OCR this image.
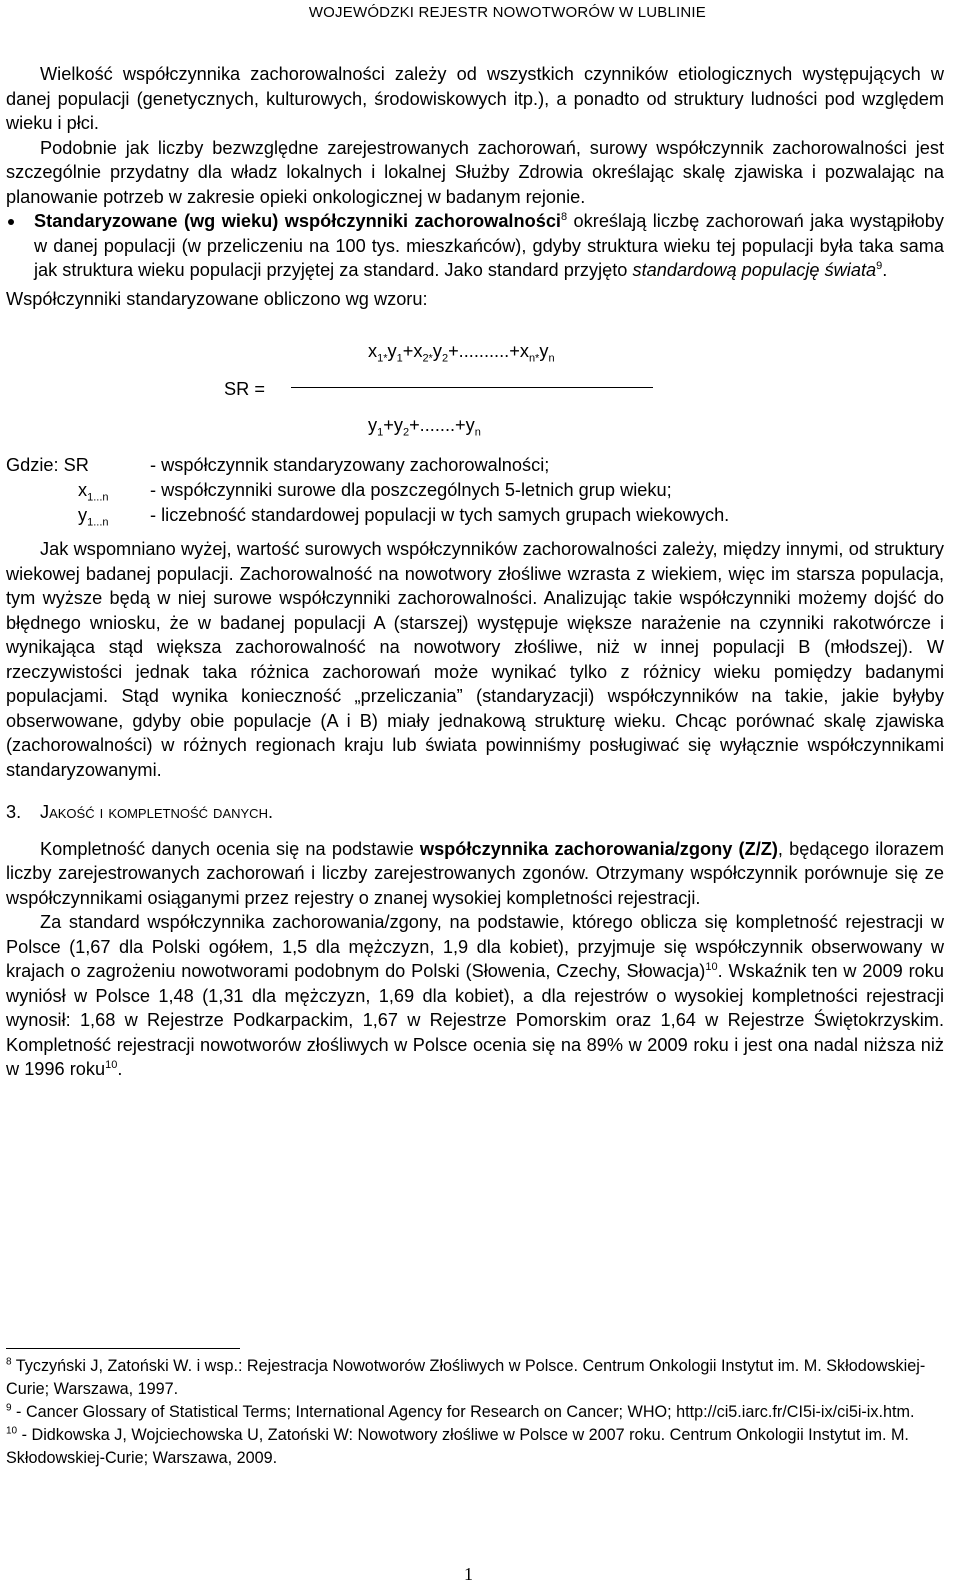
WOJEWÓDZKI REJESTR NOWOTWORÓW W LUBLINIE

Wielkość współczynnika zachorowalności zależy od wszystkich czynników etiologicznych występujących w danej populacji (genetycznych, kulturowych, środowiskowych itp.), a ponadto od struktury ludności pod względem wieku i płci.

Podobnie jak liczby bezwzględne zarejestrowanych zachorowań, surowy współczynnik zachorowalności jest szczególnie przydatny dla władz lokalnych i lokalnej Służby Zdrowia określając skalę zjawiska i pozwalając na planowanie potrzeb w zakresie opieki onkologicznej w badanym rejonie.

Standaryzowane (wg wieku) współczynniki zachorowalności$^8$ określają liczbę zachorowań jaka wystąpiłoby w danej populacji (w przeliczeniu na 100 tys. mieszkańców), gdyby struktura wieku tej populacji była taka sama jak struktura wieku populacji przyjętej za standard. Jako standard przyjęto standardową populację świata$^9$.

Współczynniki standaryzowane obliczono wg wzoru:

$x_{1*}y_1+x_{2*}y_2+..........+x_{n*}y_n$
SR =
$y_1+y_2+.......+y_n$
Gdzie: SR	- współczynnik standaryzowany zachorowalności;
$x_{1...n}$ - współczynniki surowe dla poszczególnych 5-letnich grup wieku;
$y_{1...n}$ - liczebność standardowej populacji w tych samych grupach wiekowych.

Jak wspomniano wyżej, wartość surowych współczynników zachorowalności zależy, między innymi, od struktury wiekowej badanej populacji. Zachorowalność na nowotwory złośliwe wzrasta z wiekiem, więc im starsza populacja, tym wyższe będą w niej surowe współczynniki zachorowalności. Analizując takie współczynniki możemy dojść do błędnego wniosku, że w badanej populacji A (starszej) występuje większe narażenie na czynniki rakotwórcze i wynikająca stąd większa zachorowalność na nowotwory złośliwe, niż w innej populacji B (młodszej). W rzeczywistości jednak taka różnica zachorowań może wynikać tylko z różnicy wieku pomiędzy badanymi populacjami. Stąd wynika konieczność „przeliczania” (standaryzacji) współczynników na takie, jakie byłyby obserwowane, gdyby obie populacje (A i B) miały jednakową strukturę wieku. Chcąc porównać skalę zjawiska (zachorowalności) w różnych regionach kraju lub świata powinniśmy posługiwać się wyłącznie współczynnikami standaryzowanymi.

3. Jakość i kompletność danych.

Kompletność danych ocenia się na podstawie współczynnika zachorowania/zgony (Z/Z), będącego ilorazem liczby zarejestrowanych zachorowań i liczby zarejestrowanych zgonów. Otrzymany współczynnik porównuje się ze współczynnikami osiąganymi przez rejestry o znanej wysokiej kompletności rejestracji.

Za standard współczynnika zachorowania/zgony, na podstawie, którego oblicza się kompletność rejestracji w Polsce (1,67 dla Polski ogółem, 1,5 dla mężczyzn, 1,9 dla kobiet), przyjmuje się współczynnik obserwowany w krajach o zagrożeniu nowotworami podobnym do Polski (Słowenia, Czechy, Słowacja)$^{10}$. Wskaźnik ten w 2009 roku wyniósł w Polsce 1,48 (1,31 dla mężczyzn, 1,69 dla kobiet), a dla rejestrów o wysokiej kompletności rejestracji wynosił: 1,68 w Rejestrze Podkarpackim, 1,67 w Rejestrze Pomorskim oraz 1,64 w Rejestrze Świętokrzyskim. Kompletność rejestracji nowotworów złośliwych w Polsce ocenia się na 89% w 2009 roku i jest ona nadal niższa niż w 1996 roku$^{10}$.

$^8$ Tyczyński J, Zatoński W. i wsp.: Rejestracja Nowotworów Złośliwych w Polsce. Centrum Onkologii Instytut im. M. Skłodowskiej-Curie; Warszawa, 1997.

$^9$ - Cancer Glossary of Statistical Terms; International Agency for Research on Cancer; WHO; http://ci5.iarc.fr/CI5i-ix/ci5i-ix.htm.

$^{10}$ - Didkowska J, Wojciechowska U, Zatoński W: Nowotwory złośliwe w Polsce w 2007 roku. Centrum Onkologii Instytut im. M. Skłodowskiej-Curie; Warszawa, 2009.

1
